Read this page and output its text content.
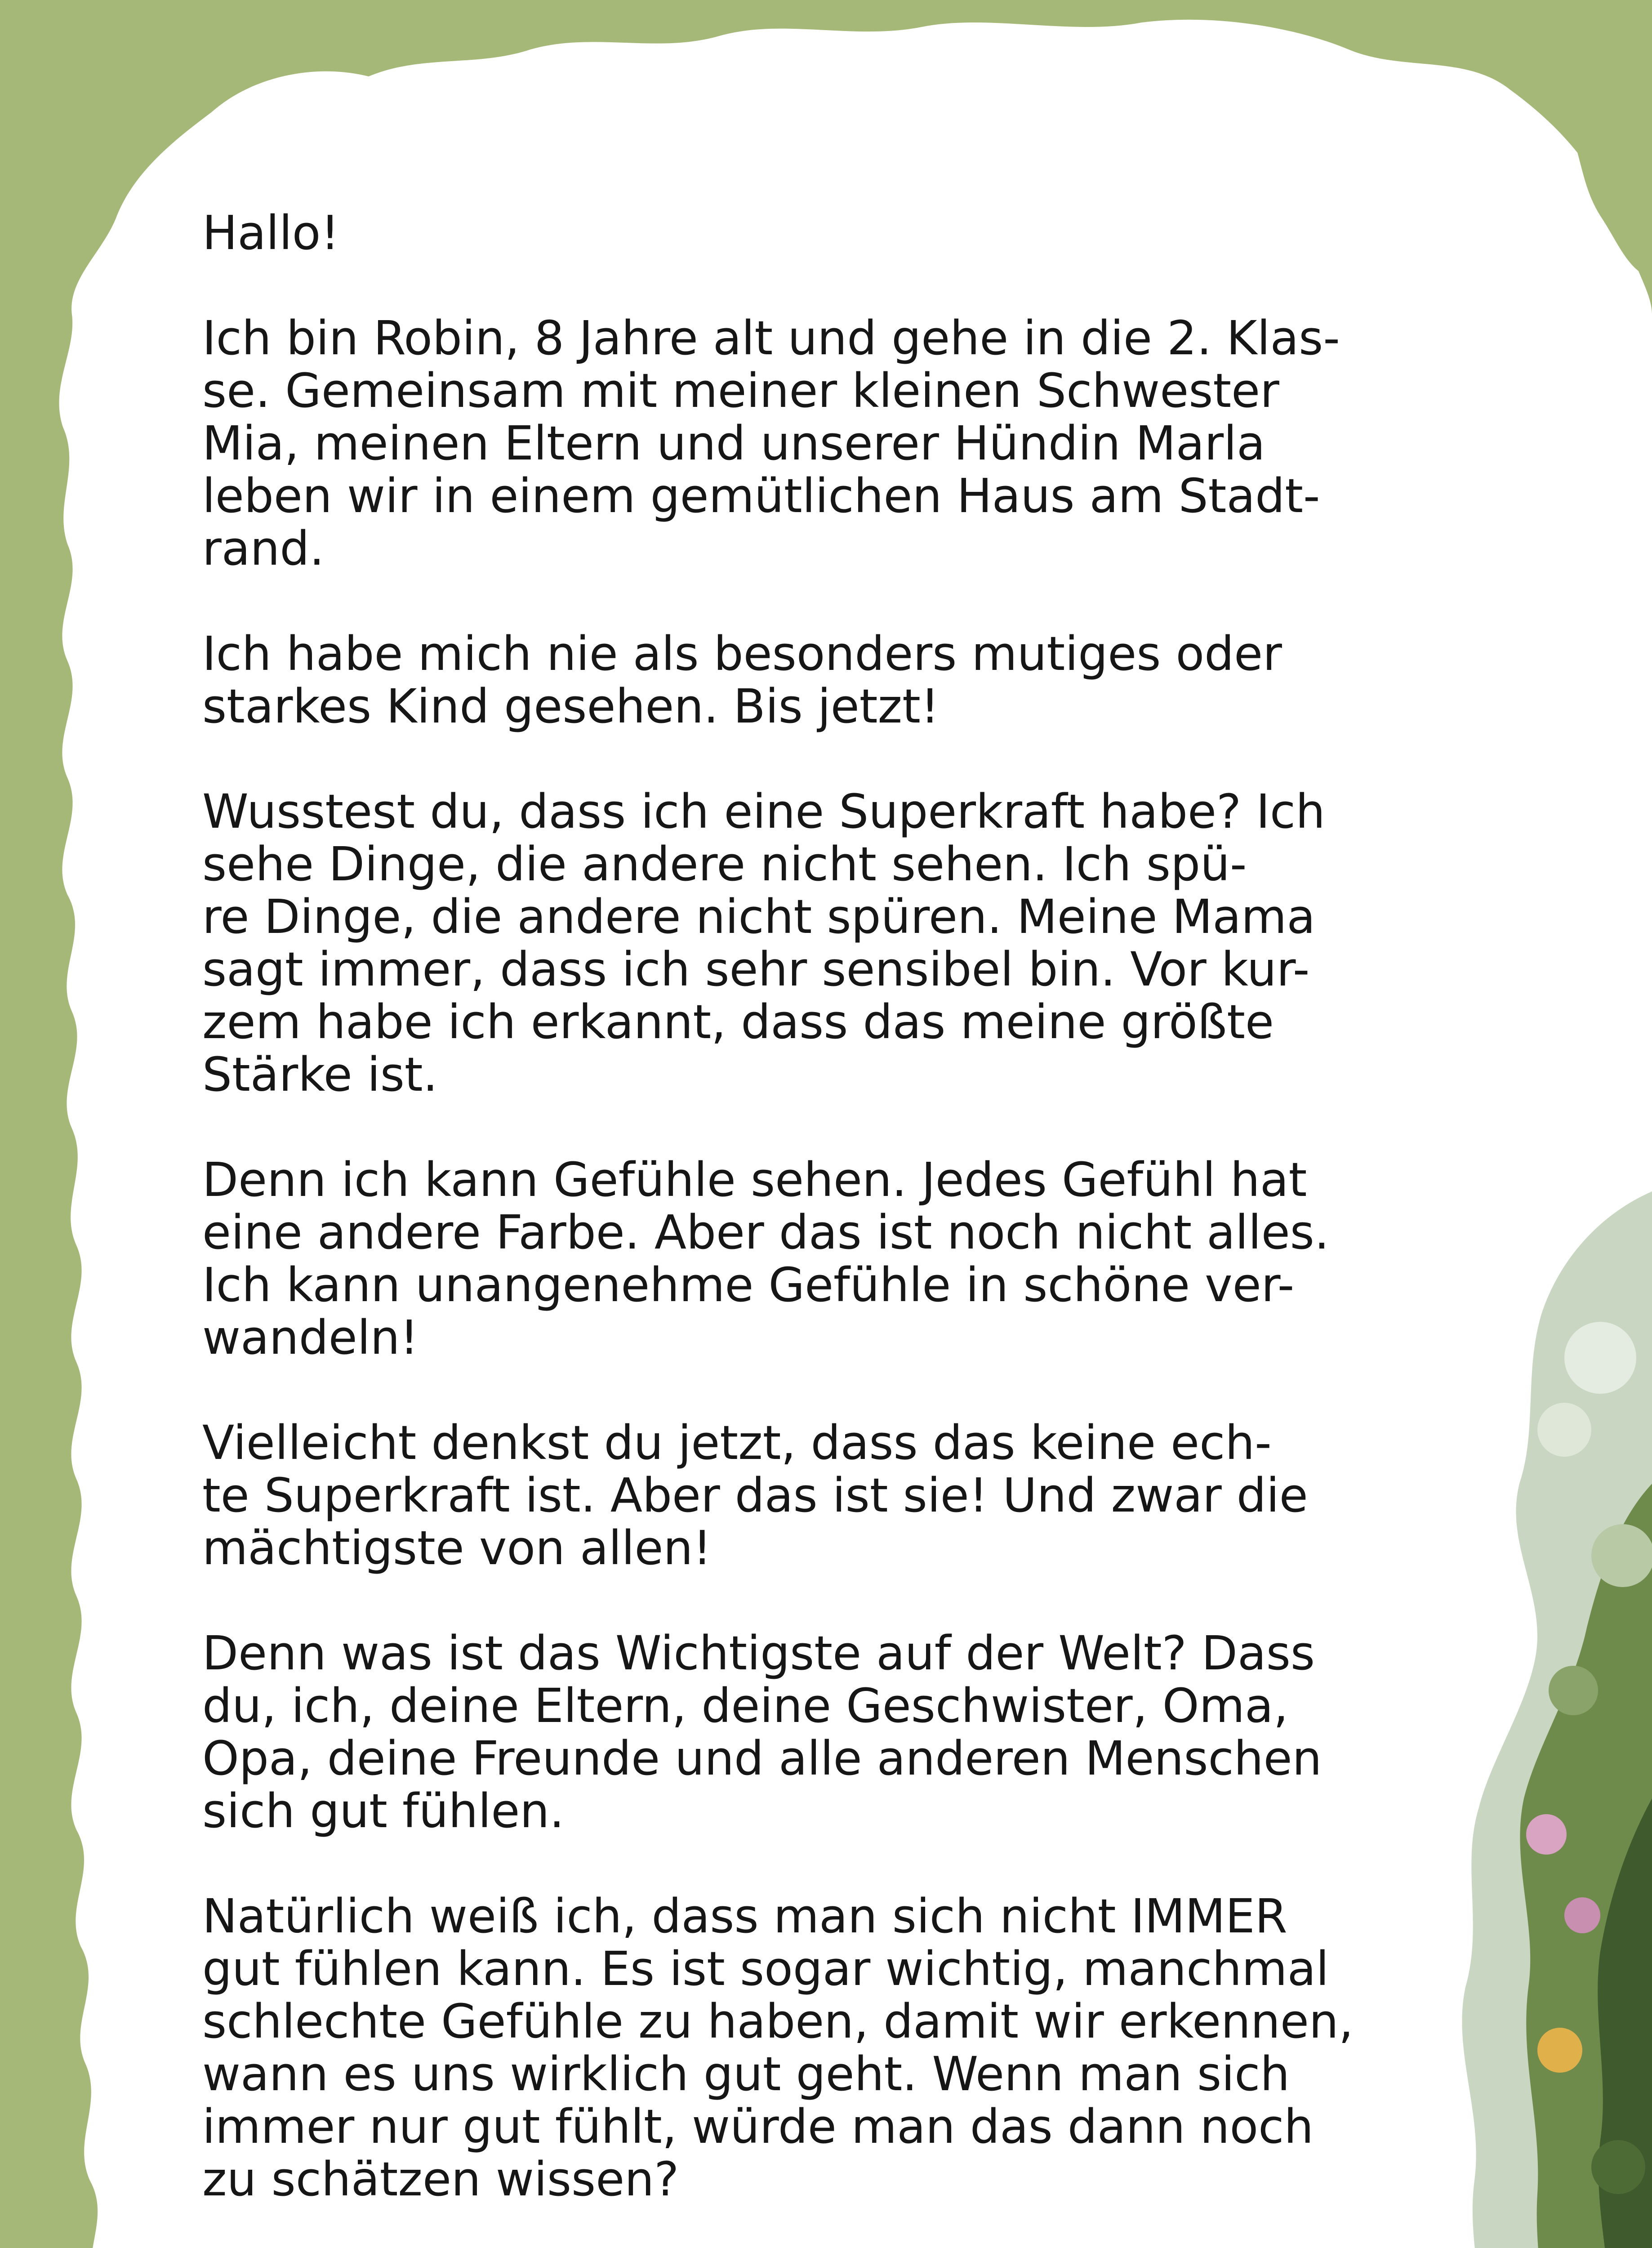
Hallo!

Ich bin Robin, 8 Jahre alt und gehe in die 2. Klas-
se. Gemeinsam mit meiner kleinen Schwester
Mia, meinen Eltern und unserer Hündin Marla
leben wir in einem gemütlichen Haus am Stadt-
rand.

Ich habe mich nie als besonders mutiges oder
starkes Kind gesehen. Bis jetzt!

Wusstest du, dass ich eine Superkraft habe? Ich
sehe Dinge, die andere nicht sehen. Ich spü-
re Dinge, die andere nicht spüren. Meine Mama
sagt immer, dass ich sehr sensibel bin. Vor kur-
zem habe ich erkannt, dass das meine größte
Stärke ist.

Denn ich kann Gefühle sehen. Jedes Gefühl hat
eine andere Farbe. Aber das ist noch nicht alles.
Ich kann unangenehme Gefühle in schöne ver-
wandeln!

Vielleicht denkst du jetzt, dass das keine ech-
te Superkraft ist. Aber das ist sie! Und zwar die
mächtigste von allen!

Denn was ist das Wichtigste auf der Welt? Dass
du, ich, deine Eltern, deine Geschwister, Oma,
Opa, deine Freunde und alle anderen Menschen
sich gut fühlen.

Natürlich weiß ich, dass man sich nicht IMMER
gut fühlen kann. Es ist sogar wichtig, manchmal
schlechte Gefühle zu haben, damit wir erkennen,
wann es uns wirklich gut geht. Wenn man sich
immer nur gut fühlt, würde man das dann noch
zu schätzen wissen?
